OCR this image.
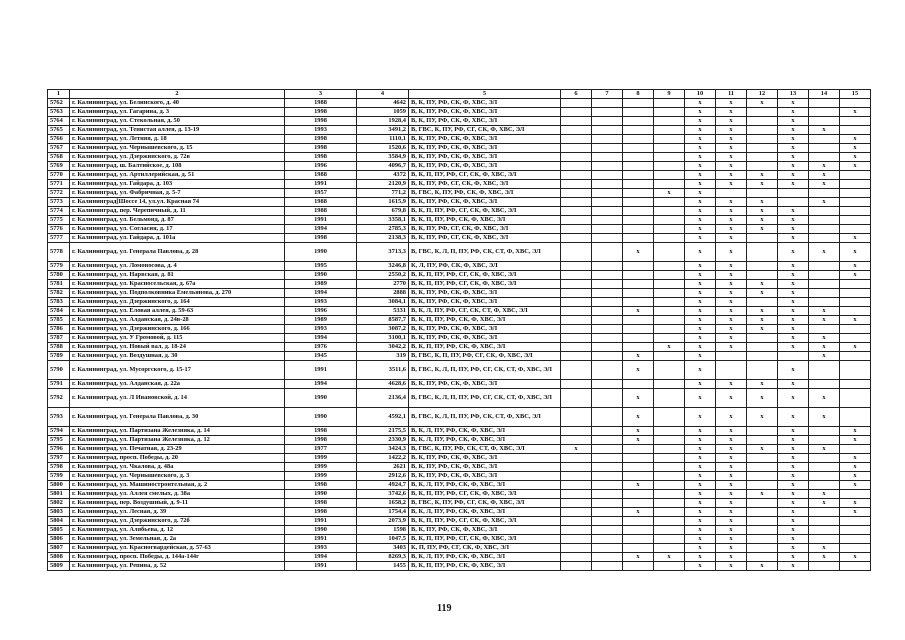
1	2	3	4	5	6	7	8	9	10	11	12	13	14	15
5762	г. Калининград, ул. Белинского, д. 40	1988	4642	В, К, ПУ, РФ, СК, Ф, ХВС, ЭЛ					х	х	х	х		
5763	г. Калининград, ул. Гагарина, д. 3	1998	1059	В, К, ПУ, РФ, СК, Ф, ХВС, ЭЛ					х	х		х		х
5764	г. Калининград, ул. Стекольная, д. 50	1998	1928,4	В, К, ПУ, РФ, СК, Ф, ХВС, ЭЛ					х	х		х		
5765	г. Калининград, ул. Тенистая аллея, д. 13-19	1993	3491,2	В, ГВС, К, ПУ, РФ, СГ, СК, Ф, ХВС, ЭЛ					х	х		х	х	
5766	г. Калининград, ул. Летняя, д. 18	1998	1110,1	В, К, ПУ, РФ, СК, Ф, ХВС, ЭЛ					х	х		х		х
5767	г. Калининград, ул. Чернышевского, д. 15	1998	1520,6	В, К, ПУ, РФ, СК, Ф, ХВС, ЭЛ					х	х		х		х
5768	г. Калининград, ул. Дзержинского, д. 72в	1998	3584,9	В, К, ПУ, РФ, СК, Ф, ХВС, ЭЛ					х	х		х		х
5769	г. Калининград, ш. Балтийское, д. 108	1996	4096,7	В, К, ПУ, РФ, СК, Ф, ХВС, ЭЛ					х	х		х	х	х
5770	г. Калининград, ул. Артиллерийская, д. 51	1988	4372	В, К, П, ПУ, РФ, СГ, СК, Ф, ХВС, ЭЛ					х	х	х	х	х	
5771	г. Калининград, ул. Гайдара, д. 103	1991	2120,9	В, К, ПУ, РФ, СГ, СК, Ф, ХВС, ЭЛ					х	х	х	х	х	
5772	г. Калининград, ул. Фабричная, д. 5-7	1957	771,2	В, ГВС, К, ПУ, РФ, СК, Ф, ХВС, ЭЛ				х	х					
5773	г. Калининград[Шоссе 14, ул.ул. Красная 74	1988	1615,9	В, К, ПУ, РФ, СК, Ф, ХВС, ЭЛ					х	х	х		х	
5774	г. Калининград, пер. Черепичный, д. 11	1988	679,8	В, К, П, ПУ, РФ, СГ, СК, Ф, ХВС, ЭЛ					х	х	х	х		
5775	г. Калининград, ул. Бельмонд, д. 87	1991	3358,1	В, К, П, ПУ, РФ, СК, Ф, ХВС, ЭЛ					х	х	х	х		
5776	г. Калининград, ул. Согласия, д. 17	1994	2785,3	В, К, ПУ, РФ, СГ, СК, Ф, ХВС, ЭЛ					х	х	х	х		
5777	г. Калининград, ул. Гайдара, д. 101а	1998	2138,3	В, К, ПУ, РФ, СГ, СК, Ф, ХВС, ЭЛ					х	х		х		х
5778	г. Калининград, ул. Генерала Павлова, д. 28	1990	3713,3	В, ГВС, К, Л, П, ПУ, РФ, СК, СТ, Ф, ХВС, ЭЛ			х		х	х		х	х	х
5779	г. Калининград, ул. Ломоносова, д. 4	1995	3246,8	К, Л, ПУ, РФ, СК, Ф, ХВС, ЭЛ					х	х		х		х
5780	г. Калининград, ул. Нарвская, д. 81	1990	2550,2	В, К, П, ПУ, РФ, СГ, СК, Ф, ХВС, ЭЛ					х	х		х		х
5781	г. Калининград, ул. Красносельская, д. 67а	1989	2770	В, К, П, ПУ, РФ, СГ, СК, Ф, ХВС, ЭЛ					х	х	х	х		
5782	г. Калининград, ул. Подполковника Емельянова, д. 270	1994	2888	В, К, ПУ, РФ, СК, Ф, ХВС, ЭЛ					х	х	х	х		
5783	г. Калининград, ул. Дзержинского, д. 164	1993	3084,1	В, К, ПУ, РФ, СК, Ф, ХВС, ЭЛ					х	х		х		
5784	г. Калининград, ул. Еловая аллея, д. 59-63	1996	5331	В, К, Л, ПУ, РФ, СГ, СК, СТ, Ф, ХВС, ЭЛ			х		х	х	х	х	х	
5785	г. Калининград, ул. Алданская, д. 24в-28	1989	8587,7	В, К, П, ПУ, РФ, СК, Ф, ХВС, ЭЛ					х	х	х	х	х	х
5786	г. Калининград, ул. Дзержинского, д. 166	1993	3087,2	В, К, ПУ, РФ, СК, Ф, ХВС, ЭЛ					х	х	х	х		
5787	г. Калининград, ул. У Громовой, д. 115	1994	3100,1	В, К, ПУ, РФ, СК, Ф, ХВС, ЭЛ					х	х		х	х	
5788	г. Калининград, ул. Новый вал, д. 18-24	1976	3042,2	В, К, П, ПУ, РФ, СК, Ф, ХВС, ЭЛ				х	х	х		х	х	х
5789	г. Калининград, ул. Воздушная, д. 30	1945	319	В, ГВС, К, П, ПУ, РФ, СГ, СК, Ф, ХВС, ЭЛ			х		х				х	
5790	г. Калининград, ул. Мусоргского, д. 15-17	1991	3511,6	В, ГВС, К, Л, П, ПУ, РФ, СГ, СК, СТ, Ф, ХВС, ЭЛ			х		х			х		
5791	г. Калининград, ул. Алданская, д. 22а	1994	4628,6	В, К, ПУ, РФ, СК, Ф, ХВС, ЭЛ					х	х	х	х		
5792	г. Калининград, ул. Л Ивановской, д. 14	1990	2136,4	В, ГВС, К, Л, П, ПУ, РФ, СГ, СК, СТ, Ф, ХВС, ЭЛ			х		х	х	х	х	х	
5793	г. Калининград, ул. Генерала Павлова, д. 30	1990	4592,1	В, ГВС, К, Л, П, ПУ, РФ, СК, СТ, Ф, ХВС, ЭЛ			х		х	х	х	х	х	
5794	г. Калининград, ул. Партизана Железняка, д. 14	1998	2175,5	В, К, Л, ПУ, РФ, СК, Ф, ХВС, ЭЛ			х		х	х		х		х
5795	г. Калининград, ул. Партизана Железняка, д. 12	1998	2330,9	В, К, Л, ПУ, РФ, СК, Ф, ХВС, ЭЛ			х		х	х		х		х
5796	г. Калининград, ул. Печатная, д. 23-29	1977	3424,3	В, ГВС, К, ПУ, РФ, СК, СТ, Ф, ХВС, ЭЛ	х				х	х	х	х	х	
5797	г. Калининград, просп. Победы, д. 20	1999	1422,2	В, К, ПУ, РФ, СК, Ф, ХВС, ЭЛ					х	х		х		х
5798	г. Калининград, ул. Чкалова, д. 48а	1999	2621	В, К, ПУ, РФ, СК, Ф, ХВС, ЭЛ					х	х		х		х
5799	г. Калининград, ул. Чернышевского, д. 3	1999	2912,6	В, К, ПУ, РФ, СК, Ф, ХВС, ЭЛ					х	х		х		х
5800	г. Калининград, ул. Машиностроительная, д. 2	1998	4924,7	В, К, Л, ПУ, РФ, СК, Ф, ХВС, ЭЛ			х		х	х		х		х
5801	г. Калининград, ул. Аллея смелых, д. 38а	1990	3742,6	В, К, П, ПУ, РФ, СГ, СК, Ф, ХВС, ЭЛ					х	х	х	х	х	
5802	г. Калининград, пер. Воздушный, д. 9-11	1998	1658,2	В, ГВС, К, ПУ, РФ, СГ, СК, Ф, ХВС, ЭЛ					х	х		х	х	х
5803	г. Калининград, ул. Лесная, д. 39	1998	1754,4	В, К, Л, ПУ, РФ, СК, Ф, ХВС, ЭЛ			х		х	х		х		х
5804	г. Калининград, ул. Дзержинского, д. 72б	1991	2073,9	В, К, П, ПУ, РФ, СГ, СК, Ф, ХВС, ЭЛ					х	х		х		
5805	г. Калининград, ул. Алябьева, д. 12	1990	1598	В, К, ПУ, РФ, СК, Ф, ХВС, ЭЛ					х	х		х		
5806	г. Калининград, ул. Земельная, д. 2а	1991	1047,5	В, К, П, ПУ, РФ, СГ, СК, Ф, ХВС, ЭЛ					х	х		х		
5807	г. Калининград, ул. Красногвардейская, д. 57-63	1993	3403	К, П, ПУ, РФ, СГ, СК, Ф, ХВС, ЭЛ					х	х		х	х	
5808	г. Калининград, просп. Победы, д. 144а-144г	1994	8269,3	В, К, Л, ПУ, РФ, СК, Ф, ХВС, ЭЛ			х	х	х	х		х	х	х
5809	г. Калининград, ул. Репина, д. 52	1991	1455	В, К, П, ПУ, РФ, СК, Ф, ХВС, ЭЛ					х	х	х	х		
119
